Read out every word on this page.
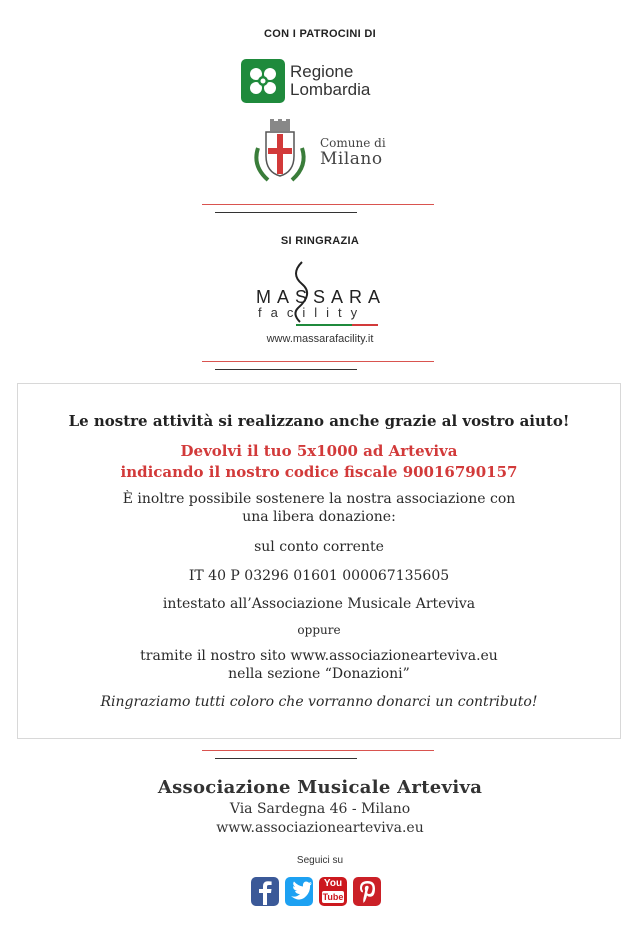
CON I PATROCINI DI
Regione
Lombardia
Comune di
Milano
SI RINGRAZIA
MASSARA
facility
www.massarafacility.it
Le nostre attività si realizzano anche grazie al vostro aiuto!
Devolvi il tuo 5x1000 ad Arteviva
indicando il nostro codice fiscale 90016790157
È inoltre possibile sostenere la nostra associazione con
una libera donazione:
sul conto corrente
IT 40 P 03296 01601 000067135605
intestato all’Associazione Musicale Arteviva
oppure
tramite il nostro sito www.associazionearteviva.eu
nella sezione “Donazioni”
Ringraziamo tutti coloro che vorranno donarci un contributo!
Associazione Musicale Arteviva
Via Sardegna 46 - Milano
www.associazionearteviva.eu
Seguici su
You
Tube
